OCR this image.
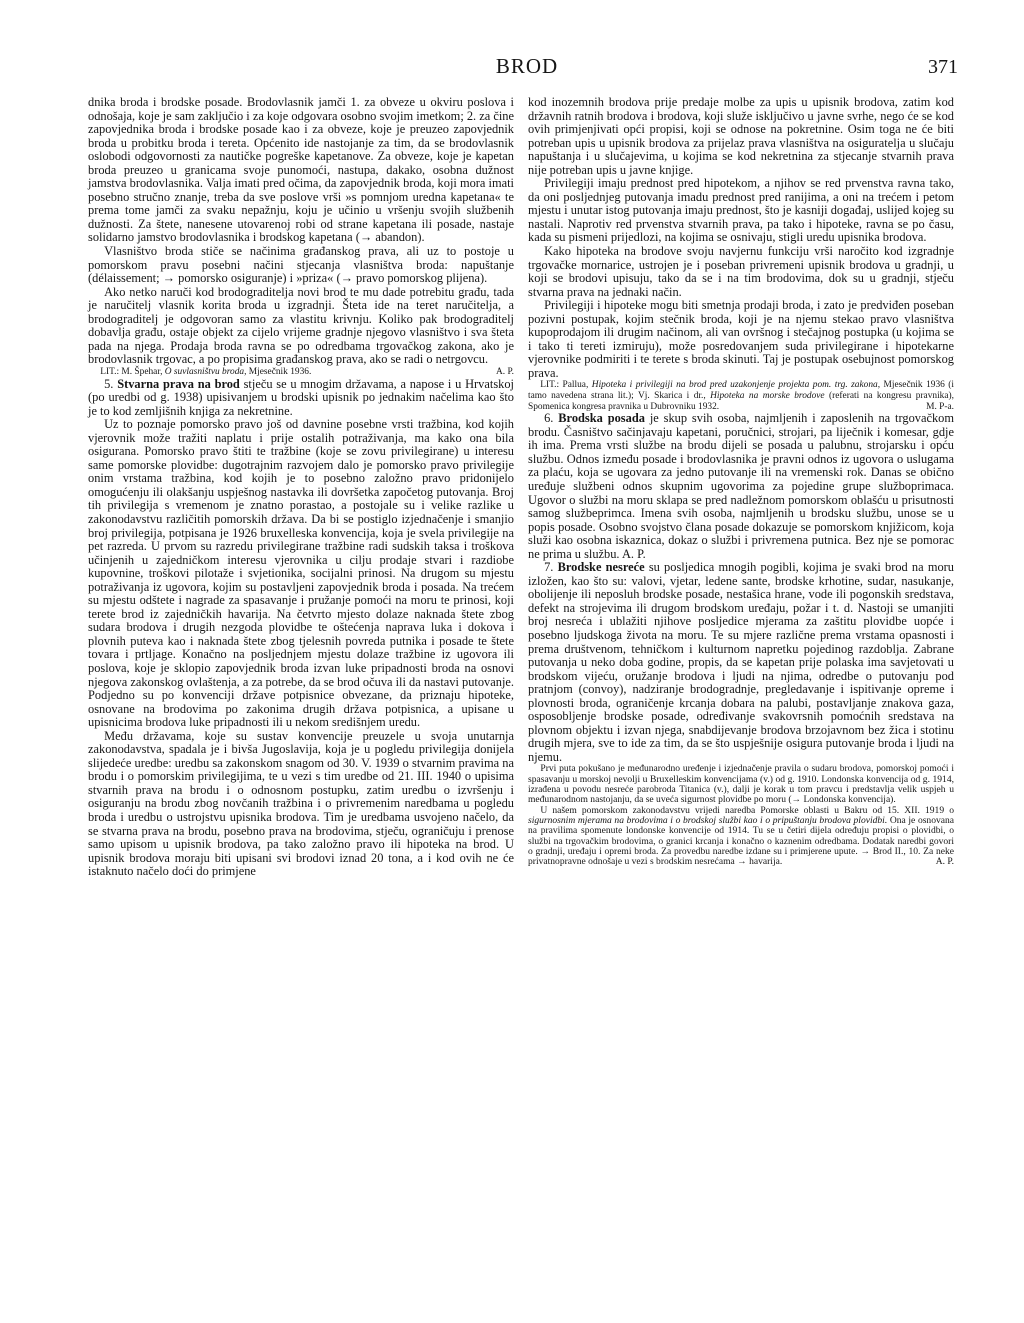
BROD	371

dnika broda i brodske posade. Brodovlasnik jamči 1. za obveze u okviru poslova i odnošaja, koje je sam zaključio i za koje odgovara osobno svojim imetkom; 2. za čine zapovjednika broda i brodske posade kao i za obveze, koje je preuzeo zapovjednik broda u probitku broda i tereta. Općenito ide nastojanje za tim, da se brodovlasnik oslobodi odgovornosti za nautičke pogreške kapetanove. Za obveze, koje je kapetan broda preuzeo u granicama svoje punomoći, nastupa, dakako, osobna dužnost jamstva brodovlasnika. Valja imati pred očima, da zapovjednik broda, koji mora imati posebno stručno znanje, treba da sve poslove vrši »s pomnjom uredna kapetana« te prema tome jamči za svaku nepažnju, koju je učinio u vršenju svojih službenih dužnosti. Za štete, nanesene utovarenoj robi od strane kapetana ili posade, nastaje solidarno jamstvo brodovlasnika i brodskog kapetana (→ abandon).

Vlasništvo broda stiče se načinima građanskog prava, ali uz to postoje u pomorskom pravu posebni načini stjecanja vlasništva broda: napuštanje (délaissement; → pomorsko osiguranje) i »priza« (→ pravo pomorskog plijena).

Ako netko naruči kod brodograditelja novi brod te mu dade potrebitu građu, tada je naručitelj vlasnik korita broda u izgradnji. Šteta ide na teret naručitelja, a brodograditelj je odgovoran samo za vlastitu krivnju. Koliko pak brodograditelj dobavlja građu, ostaje objekt za cijelo vrijeme gradnje njegovo vlasništvo i sva šteta pada na njega. Prodaja broda ravna se po odredbama trgovačkog zakona, ako je brodovlasnik trgovac, a po propisima građanskog prava, ako se radi o netrgovcu.

LIT.: M. Špehar, O suvlasništvu broda, Mjesečnik 1936.	A. P.

5. Stvarna prava na brod stječu se u mnogim državama, a napose i u Hrvatskoj (po uredbi od g. 1938) upisivanjem u brodski upisnik po jednakim načelima kao što je to kod zemljišnih knjiga za nekretnine.

Uz to poznaje pomorsko pravo još od davnine posebne vrsti tražbina, kod kojih vjerovnik može tražiti naplatu i prije ostalih potraživanja, ma kako ona bila osigurana. Pomorsko pravo štiti te tražbine (koje se zovu privilegirane) u interesu same pomorske plovidbe: dugotrajnim razvojem dalo je pomorsko pravo privilegije onim vrstama tražbina, kod kojih je to posebno založno pravo pridonijelo omogućenju ili olakšanju uspješnog nastavka ili dovršetka započetog putovanja. Broj tih privilegija s vremenom je znatno porastao, a postojale su i velike razlike u zakonodavstvu različitih pomorskih država. Da bi se postiglo izjednačenje i smanjio broj privilegija, potpisana je 1926 bruxelleska konvencija, koja je svela privilegije na pet razreda. U prvom su razredu privilegirane tražbine radi sudskih taksa i troškova učinjenih u zajedničkom interesu vjerovnika u cilju prodaje stvari i razdiobe kupovnine, troškovi pilotaže i svjetionika, socijalni prinosi. Na drugom su mjestu potraživanja iz ugovora, kojim su postavljeni zapovjednik broda i posada. Na trećem su mjestu odštete i nagrade za spasavanje i pružanje pomoći na moru te prinosi, koji terete brod iz zajedničkih havarija. Na četvrto mjesto dolaze naknada štete zbog sudara brodova i drugih nezgoda plovidbe te oštećenja naprava luka i dokova i plovnih puteva kao i naknada štete zbog tjelesnih povreda putnika i posade te štete tovara i prtljage. Konačno na posljednjem mjestu dolaze tražbine iz ugovora ili poslova, koje je sklopio zapovjednik broda izvan luke pripadnosti broda na osnovi njegova zakonskog ovlaštenja, a za potrebe, da se brod očuva ili da nastavi putovanje. Podjedno su po konvenciji države potpisnice obvezane, da priznaju hipoteke, osnovane na brodovima po zakonima drugih država potpisnica, a upisane u upisnicima brodova luke pripadnosti ili u nekom središnjem uredu.

Među državama, koje su sustav konvencije preuzele u svoja unutarnja zakonodavstva, spadala je i bivša Jugoslavija, koja je u pogledu privilegija donijela slijedeće uredbe: uredbu sa zakonskom snagom od 30. V. 1939 o stvarnim pravima na brodu i o pomorskim privilegijima, te u vezi s tim uredbe od 21. III. 1940 o upisima stvarnih prava na brodu i o odnosnom postupku, zatim uredbu o izvršenju i osiguranju na brodu zbog novčanih tražbina i o privremenim naredbama u pogledu broda i uredbu o ustrojstvu upisnika brodova. Tim je uredbama usvojeno načelo, da se stvarna prava na brodu, posebno prava na brodovima, stječu, ograničuju i prenose samo upisom u upisnik brodova, pa tako založno pravo ili hipoteka na brod. U upisnik brodova moraju biti upisani svi brodovi iznad 20 tona, a i kod ovih ne će istaknuto načelo doći do primjene

kod inozemnih brodova prije predaje molbe za upis u upisnik brodova, zatim kod državnih ratnih brodova i brodova, koji služe isključivo u javne svrhe, nego će se kod ovih primjenjivati opći propisi, koji se odnose na pokretnine. Osim toga ne će biti potreban upis u upisnik brodova za prijelaz prava vlasništva na osiguratelja u slučaju napuštanja i u slučajevima, u kojima se kod nekretnina za stjecanje stvarnih prava nije potreban upis u javne knjige.

Privilegiji imaju prednost pred hipotekom, a njihov se red prvenstva ravna tako, da oni posljednjeg putovanja imadu prednost pred ranijima, a oni na trećem i petom mjestu i unutar istog putovanja imaju prednost, što je kasniji događaj, uslijed kojeg su nastali. Naprotiv red prvenstva stvarnih prava, pa tako i hipoteke, ravna se po času, kada su pismeni prijedlozi, na kojima se osnivaju, stigli uredu upisnika brodova.

Kako hipoteka na brodove svoju navjernu funkciju vrši naročito kod izgradnje trgovačke mornarice, ustrojen je i poseban privremeni upisnik brodova u gradnji, u koji se brodovi upisuju, tako da se i na tim brodovima, dok su u gradnji, stječu stvarna prava na jednaki način.

Privilegiji i hipoteke mogu biti smetnja prodaji broda, i zato je predviđen poseban pozivni postupak, kojim stečnik broda, koji je na njemu stekao pravo vlasništva kupoprodajom ili drugim načinom, ali van ovršnog i stečajnog postupka (u kojima se i tako ti tereti izmiruju), može posredovanjem suda privilegirane i hipotekarne vjerovnike podmiriti i te terete s broda skinuti. Taj je postupak osebujnost pomorskog prava.

LIT.: Pallua, Hipoteka i privilegiji na brod pred uzakonjenje projekta pom. trg. zakona, Mjesečnik 1936 (i tamo navedena strana lit.); Vj. Skarica i dr., Hipoteka na morske brodove (referati na kongresu pravnika), Spomenica kongresa pravnika u Dubrovniku 1932.	M. P-a.

6. Brodska posada je skup svih osoba, najmljenih i zaposlenih na trgovačkom brodu. Časništvo sačinjavaju kapetani, poručnici, strojari, pa liječnik i komesar, gdje ih ima. Prema vrsti službe na brodu dijeli se posada u palubnu, strojarsku i opću službu. Odnos između posade i brodovlasnika je pravni odnos iz ugovora o uslugama za plaću, koja se ugovara za jedno putovanje ili na vremenski rok. Danas se obično uređuje službeni odnos skupnim ugovorima za pojedine grupe služboprimaca. Ugovor o službi na moru sklapa se pred nadležnom pomorskom oblašću u prisutnosti samog službeprimca. Imena svih osoba, najmljenih u brodsku službu, unose se u popis posade. Osobno svojstvo člana posade dokazuje se pomorskom knjižicom, koja služi kao osobna iskaznica, dokaz o službi i privremena putnica. Bez nje se pomorac ne prima u službu. A. P.

7. Brodske nesreće su posljedica mnogih pogibli, kojima je svaki brod na moru izložen, kao što su: valovi, vjetar, ledene sante, brodske krhotine, sudar, nasukanje, obolijenje ili neposluh brodske posade, nestašica hrane, vode ili pogonskih sredstava, defekt na strojevima ili drugom brodskom uređaju, požar i t. d. Nastoji se umanjiti broj nesreća i ublažiti njihove posljedice mjerama za zaštitu plovidbe uopće i posebno ljudskoga života na moru. Te su mjere različne prema vrstama opasnosti i prema društvenom, tehničkom i kulturnom napretku pojedinog razdoblja. Zabrane putovanja u neko doba godine, propis, da se kapetan prije polaska ima savjetovati u brodskom vijeću, oružanje brodova i ljudi na njima, odredbe o putovanju pod pratnjom (convoy), nadziranje brodogradnje, pregledavanje i ispitivanje opreme i plovnosti broda, ograničenje krcanja dobara na palubi, postavljanje znakova gaza, osposobljenje brodske posade, određivanje svakovrsnih pomoćnih sredstava na plovnom objektu i izvan njega, snabdijevanje brodova brzojavnom bez žica i stotinu drugih mjera, sve to ide za tim, da se što uspješnije osigura putovanje broda i ljudi na njemu.

Prvi puta pokušano je međunarodno uređenje i izjednačenje pravila o sudaru brodova, pomorskoj pomoći i spasavanju u morskoj nevolji u Bruxelleskim konvencijama (v.) od g. 1910. Londonska konvencija od g. 1914, izrađena u povodu nesreće parobroda Titanica (v.), dalji je korak u tom pravcu i predstavlja velik uspjeh u međunarodnom nastojanju, da se uveća sigurnost plovidbe po moru (→ Londonska konvencija).

U našem pomorskom zakonodavstvu vrijedi naredba Pomorske oblasti u Bakru od 15. XII. 1919 o sigurnosnim mjerama na brodovima i o brodskoj službi kao i o pripuštanju brodova plovidbi. Ona je osnovana na pravilima spomenute londonske konvencije od 1914. Tu se u četiri dijela određuju propisi o plovidbi, o službi na trgovačkim brodovima, o granici krcanja i konačno o kaznenim odredbama. Dodatak naredbi govori o gradnji, uređaju i opremi broda. Za provedbu naredbe izdane su i primjerene upute. → Brod II., 10. Za neke privatnopravne odnošaje u vezi s brodskim nesrećama → havarija.	A. P.
